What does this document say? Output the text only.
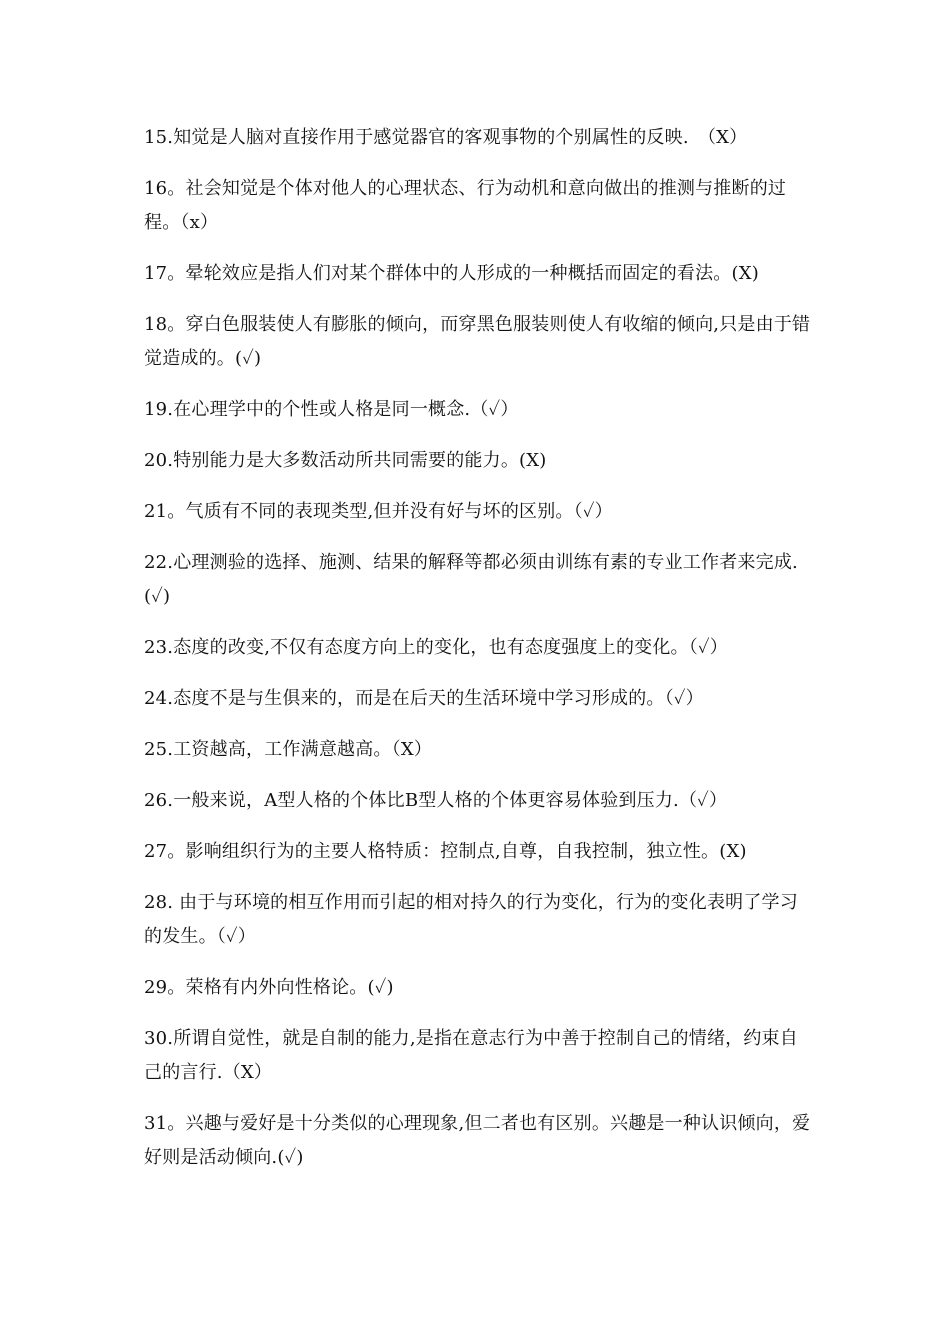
15.知觉是人脑对直接作用于感觉器官的客观事物的个别属性的反映.　（X）

16。社会知觉是个体对他人的心理状态、行为动机和意向做出的推测与推断的过程。（x）

17。晕轮效应是指人们对某个群体中的人形成的一种概括而固定的看法。(X)

18。穿白色服装使人有膨胀的倾向，而穿黑色服装则使人有收缩的倾向,只是由于错觉造成的。(✓)

19.在心理学中的个性或人格是同一概念.（✓）

20.特别能力是大多数活动所共同需要的能力。(X)

21。气质有不同的表现类型,但并没有好与坏的区别。（✓）

22.心理测验的选择、施测、结果的解释等都必须由训练有素的专业工作者来完成.(✓)

23.态度的改变,不仅有态度方向上的变化，也有态度强度上的变化。（✓）

24.态度不是与生俱来的，而是在后天的生活环境中学习形成的。（✓）

25.工资越高，工作满意越高。（X）

26.一般来说，A型人格的个体比B型人格的个体更容易体验到压力.（✓）

27。影响组织行为的主要人格特质：控制点,自尊，自我控制，独立性。(X)

28. 由于与环境的相互作用而引起的相对持久的行为变化，行为的变化表明了学习的发生。（✓）

29。荣格有内外向性格论。(✓)

30.所谓自觉性，就是自制的能力,是指在意志行为中善于控制自己的情绪，约束自己的言行.（X）

31。兴趣与爱好是十分类似的心理现象,但二者也有区别。兴趣是一种认识倾向，爱好则是活动倾向.(✓)
